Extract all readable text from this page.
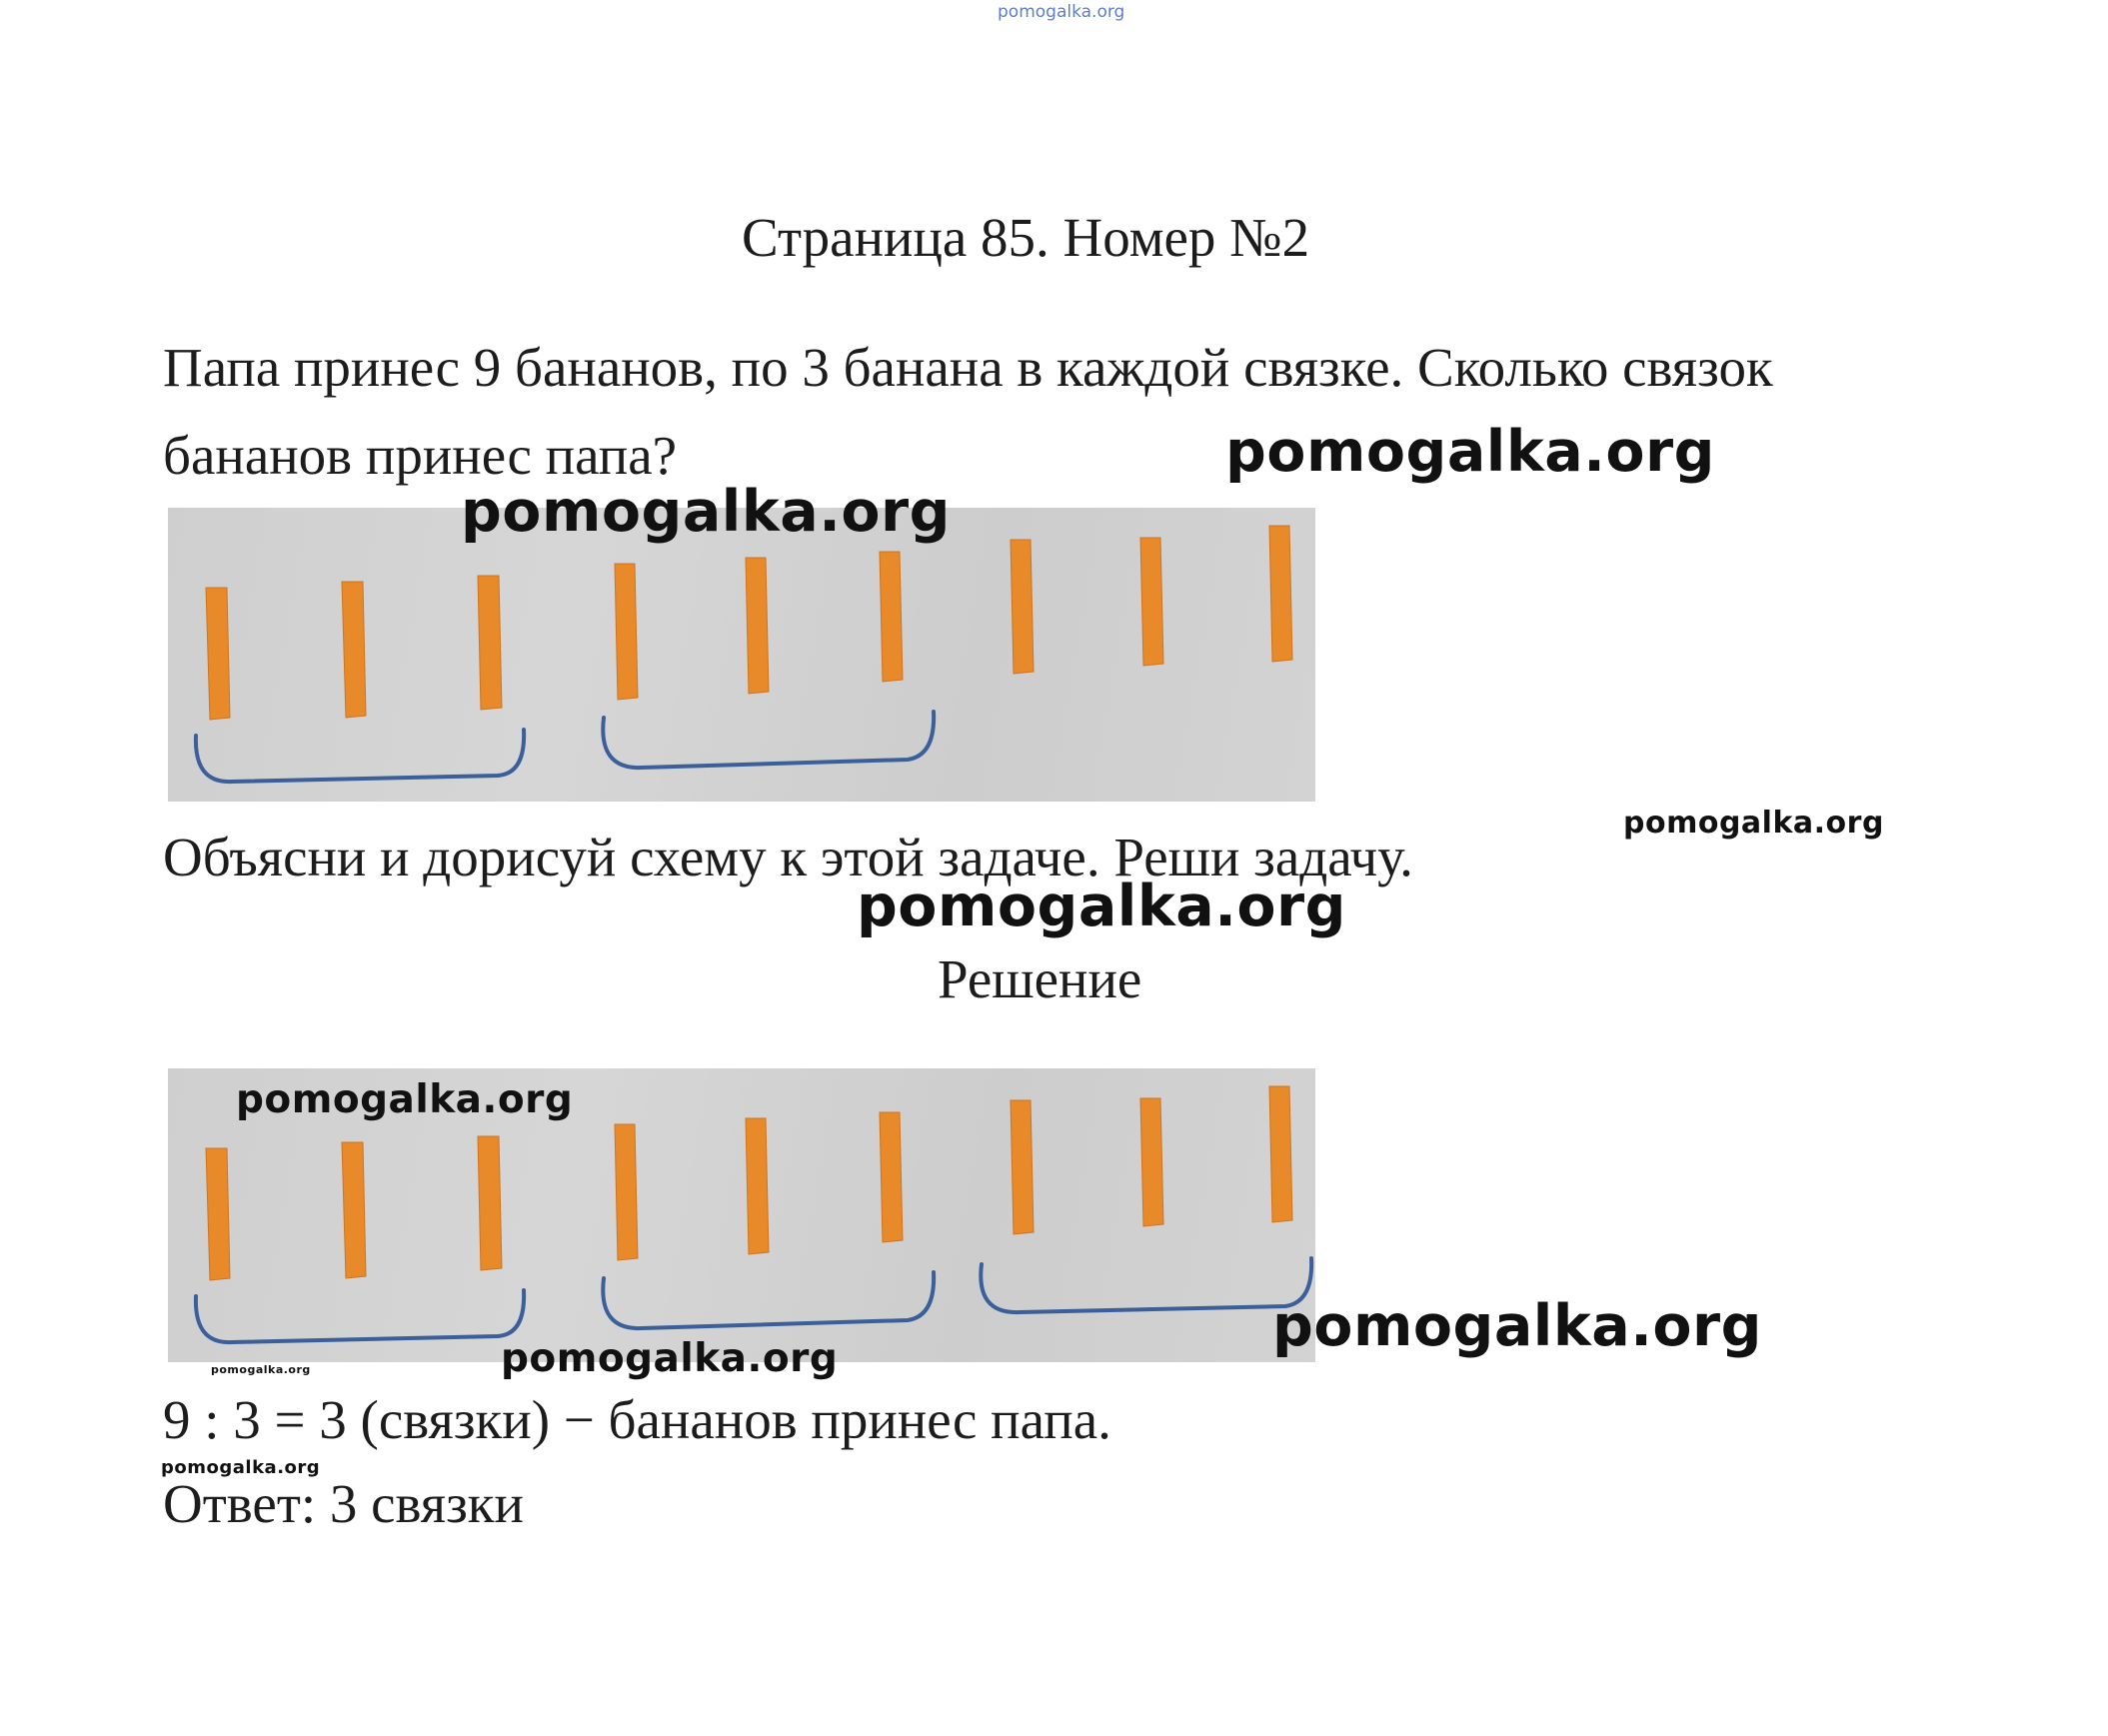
pomogalka.org
Страница 85. Номер №2
Папа принес 9 бананов, по 3 банана в каждой связке. Сколько связок
бананов принес папа?
Объясни и дорисуй схему к этой задаче. Реши задачу.
Решение
9 : 3 = 3 (связки) − бананов принес папа.
Ответ: 3 связки
pomogalka.org
pomogalka.org
pomogalka.org
pomogalka.org
pomogalka.org
pomogalka.org
pomogalka.org	pomogalka.org
pomogalka.org
